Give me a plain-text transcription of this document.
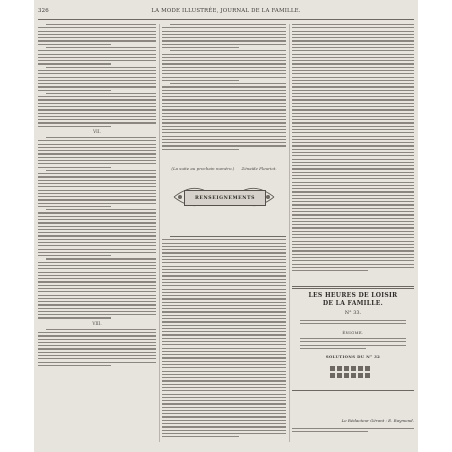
326	LA MODE ILLUSTRÉE, JOURNAL DE LA FAMILLE.
VII.
VIII.
(La suite au prochain numéro.) Zénaïde Fleuriot.
RENSEIGNEMENTS
LES HEURES DE LOISIR
DE LA FAMILLE.
N° 33.
ÉNIGME.
SOLUTIONS DU N° 32
Le Rédacteur Gérant : E. Raymond.
